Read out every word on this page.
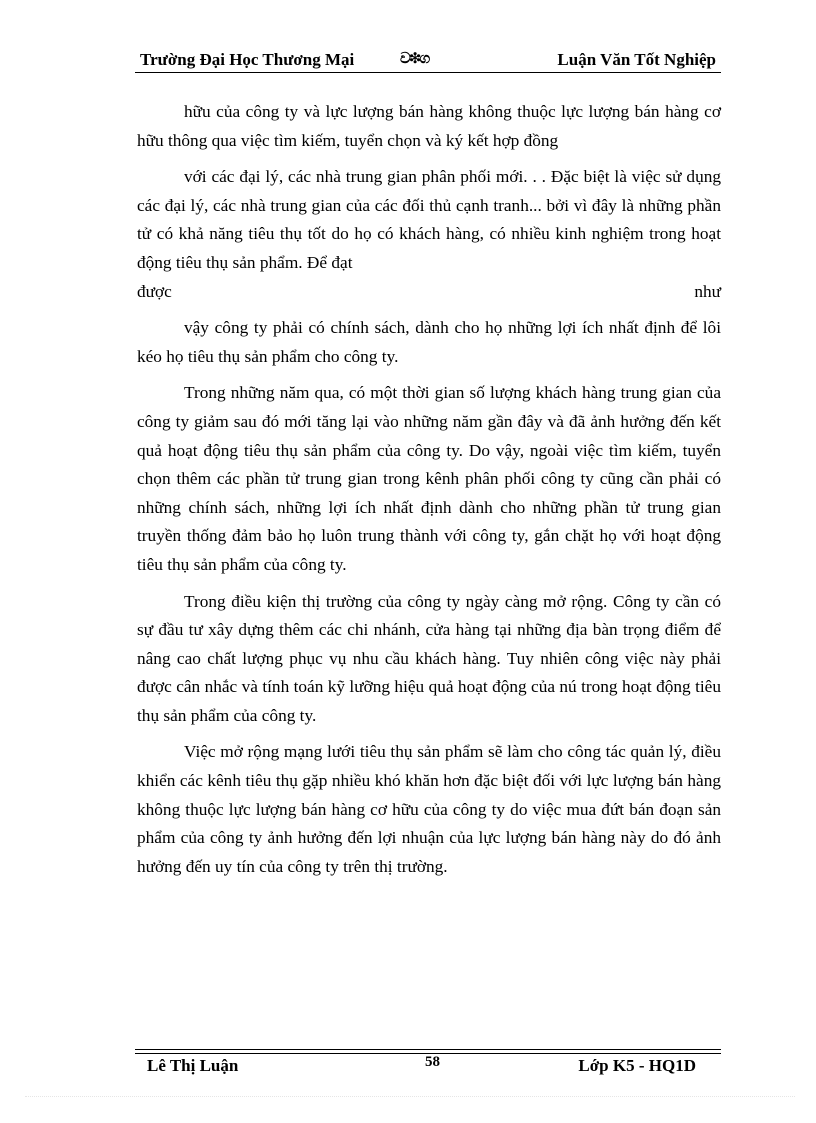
Trường Đại Học Thương Mại	ව❉ග	Luận Văn Tốt Nghiệp

hữu của công ty và lực lượng bán hàng không thuộc lực lượng bán hàng cơ hữu thông qua việc tìm kiếm, tuyển chọn và ký kết hợp đồng

với các đại lý, các nhà trung gian phân phối mới. . . Đặc biệt là việc sử dụng các đại lý, các nhà trung gian của các đối thủ cạnh tranh... bởi vì đây là những phần tử có khả năng tiêu thụ tốt do họ có khách hàng, có nhiều kinh nghiệm trong hoạt động tiêu thụ sản phẩm. Để đạt

được như

vậy công ty phải có chính sách, dành cho họ những lợi ích nhất định để lôi kéo họ tiêu thụ sản phẩm cho công ty.

Trong những năm qua, có một thời gian số lượng khách hàng trung gian của công ty giảm sau đó mới tăng lại vào những năm gần đây và đã ảnh hưởng đến kết quả hoạt động tiêu thụ sản phẩm của công ty. Do vậy, ngoài việc tìm kiếm, tuyển chọn thêm các phần tử trung gian trong kênh phân phối công ty cũng cần phải có những chính sách, những lợi ích nhất định dành cho những phần tử trung gian truyền thống đảm bảo họ luôn trung thành với công ty, gắn chặt họ với hoạt động tiêu thụ sản phẩm của công ty.

Trong điều kiện thị trường của công ty ngày càng mở rộng. Công ty cần có sự đầu tư xây dựng thêm các chi nhánh, cửa hàng tại những địa bàn trọng điểm để nâng cao chất lượng phục vụ nhu cầu khách hàng. Tuy nhiên công việc này phải được cân nhắc và tính toán kỹ lưỡng hiệu quả hoạt động của nú trong hoạt động tiêu thụ sản phẩm của công ty.

Việc mở rộng mạng lưới tiêu thụ sản phẩm sẽ làm cho công tác quản lý, điều khiển các kênh tiêu thụ gặp nhiều khó khăn hơn đặc biệt đối với lực lượng bán hàng không thuộc lực lượng bán hàng cơ hữu của công ty do việc mua đứt bán đoạn sản phẩm của công ty ảnh hưởng đến lợi nhuận của lực lượng bán hàng này do đó ảnh hưởng đến uy tín của công ty trên thị trường.

Lê Thị Luận	58	Lớp K5 - HQ1D
